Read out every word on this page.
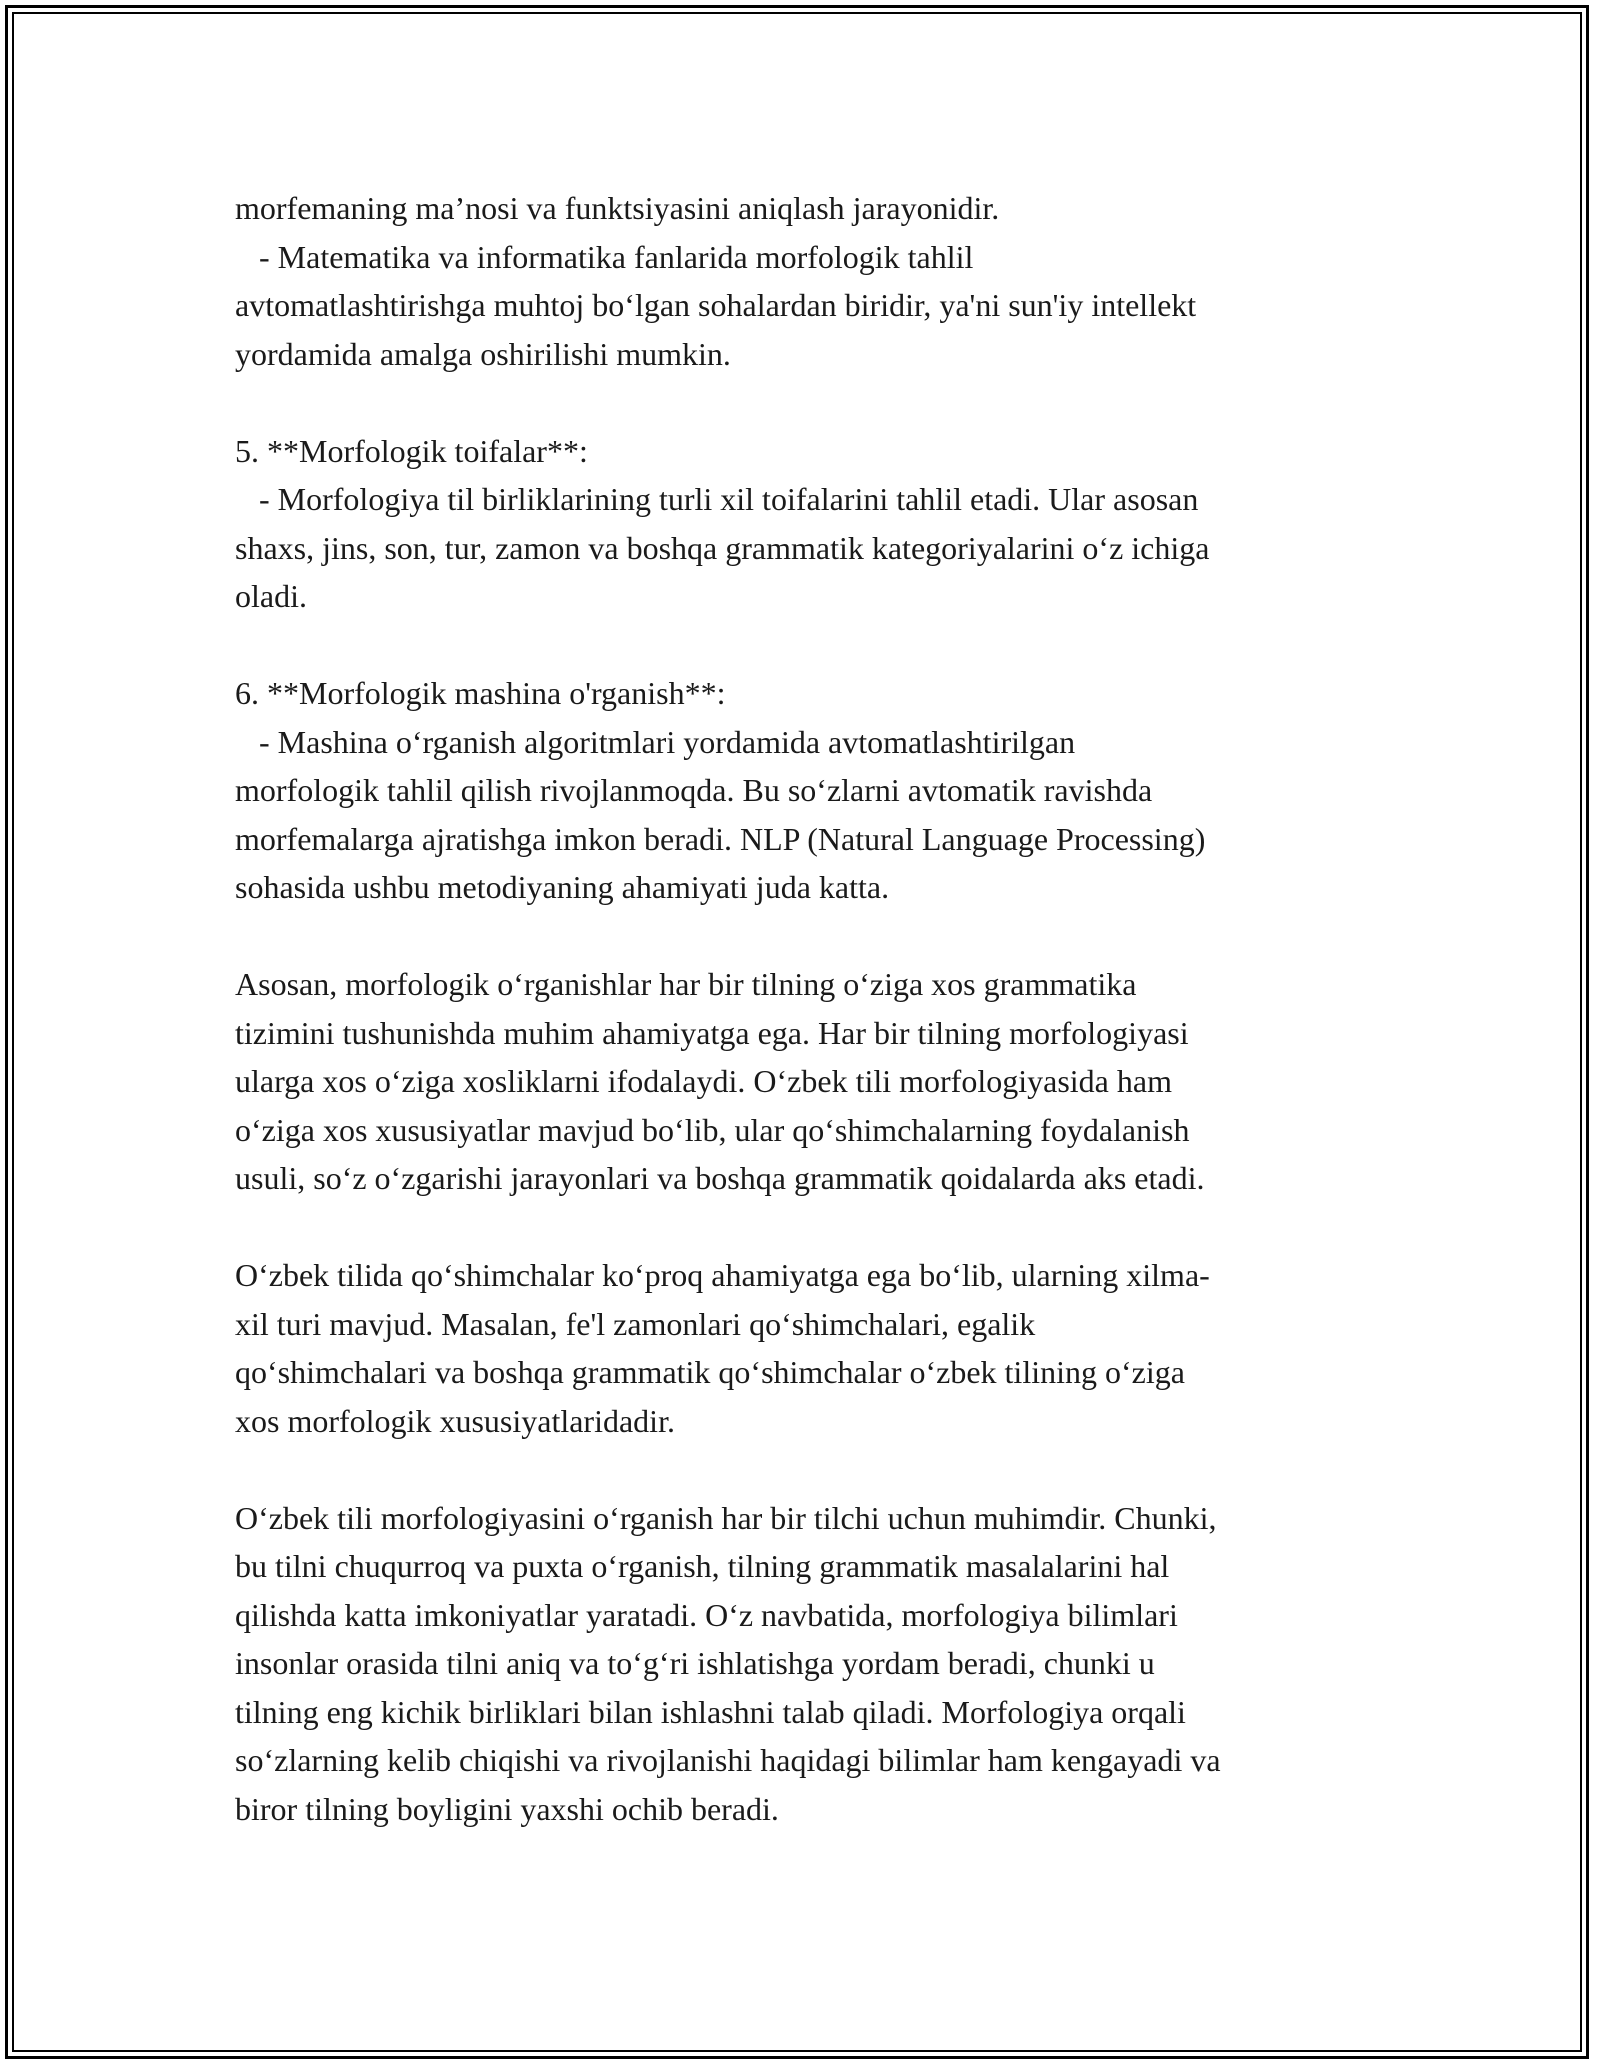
morfemaning ma’nosi va funktsiyasini aniqlash jarayonidir.
- Matematika va informatika fanlarida morfologik tahlil
avtomatlashtirishga muhtoj bo‘lgan sohalardan biridir, ya'ni sun'iy intellekt
yordamida amalga oshirilishi mumkin.
5. **Morfologik toifalar**:
- Morfologiya til birliklarining turli xil toifalarini tahlil etadi. Ular asosan
shaxs, jins, son, tur, zamon va boshqa grammatik kategoriyalarini o‘z ichiga
oladi.
6. **Morfologik mashina o'rganish**:
- Mashina o‘rganish algoritmlari yordamida avtomatlashtirilgan
morfologik tahlil qilish rivojlanmoqda. Bu so‘zlarni avtomatik ravishda
morfemalarga ajratishga imkon beradi. NLP (Natural Language Processing)
sohasida ushbu metodiyaning ahamiyati juda katta.
Asosan, morfologik o‘rganishlar har bir tilning o‘ziga xos grammatika
tizimini tushunishda muhim ahamiyatga ega. Har bir tilning morfologiyasi
ularga xos o‘ziga xosliklarni ifodalaydi. O‘zbek tili morfologiyasida ham
o‘ziga xos xususiyatlar mavjud bo‘lib, ular qo‘shimchalarning foydalanish
usuli, so‘z o‘zgarishi jarayonlari va boshqa grammatik qoidalarda aks etadi.
O‘zbek tilida qo‘shimchalar ko‘proq ahamiyatga ega bo‘lib, ularning xilma-
xil turi mavjud. Masalan, fe'l zamonlari qo‘shimchalari, egalik
qo‘shimchalari va boshqa grammatik qo‘shimchalar o‘zbek tilining o‘ziga
xos morfologik xususiyatlaridadir.
O‘zbek tili morfologiyasini o‘rganish har bir tilchi uchun muhimdir. Chunki,
bu tilni chuqurroq va puxta o‘rganish, tilning grammatik masalalarini hal
qilishda katta imkoniyatlar yaratadi. O‘z navbatida, morfologiya bilimlari
insonlar orasida tilni aniq va to‘g‘ri ishlatishga yordam beradi, chunki u
tilning eng kichik birliklari bilan ishlashni talab qiladi. Morfologiya orqali
so‘zlarning kelib chiqishi va rivojlanishi haqidagi bilimlar ham kengayadi va
biror tilning boyligini yaxshi ochib beradi.
